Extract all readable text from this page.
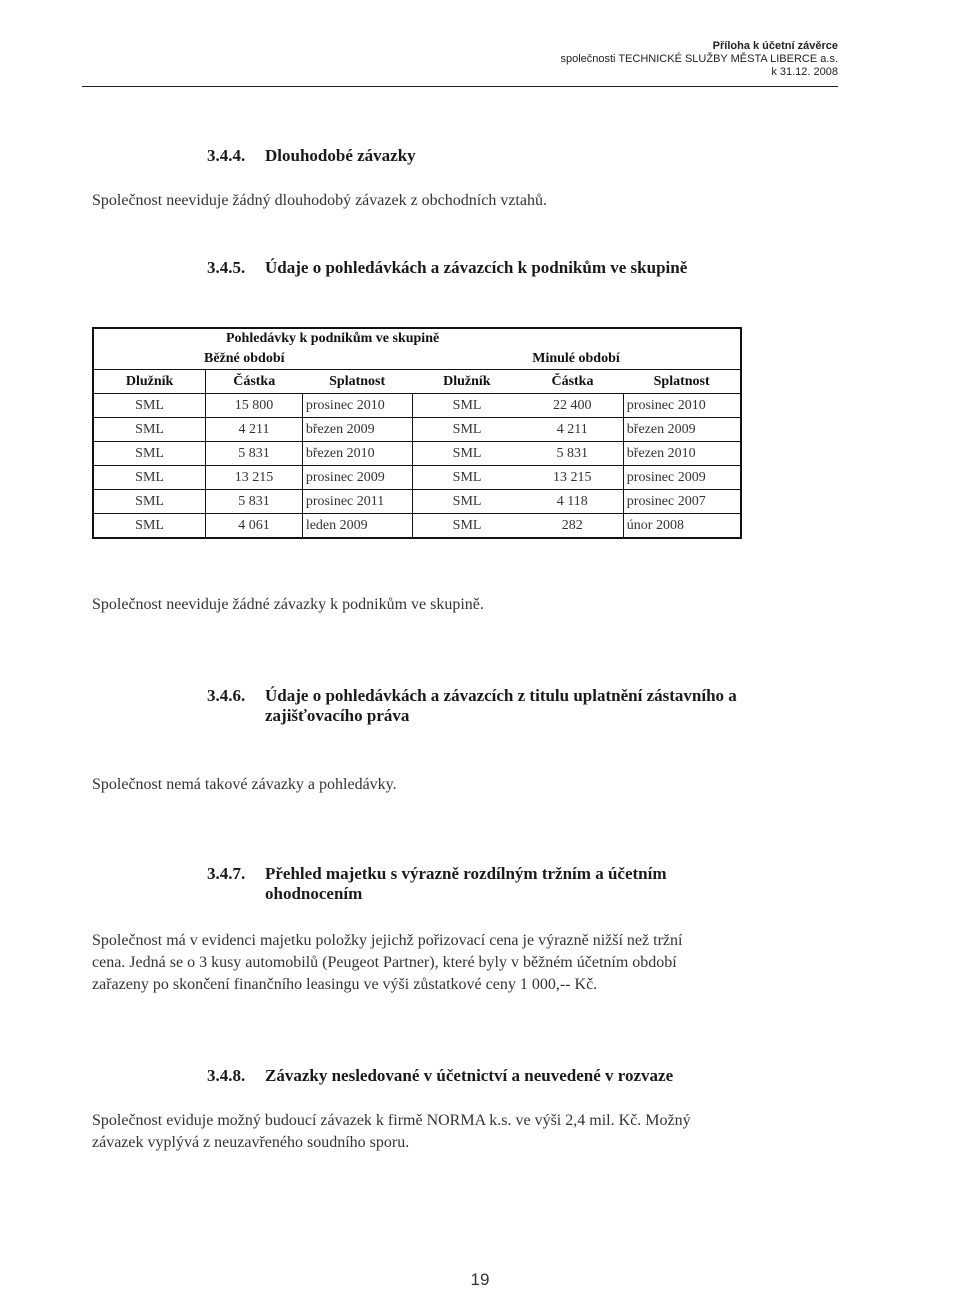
Příloha k účetní závěrce
společnosti TECHNICKÉ SLUŽBY MĚSTA LIBERCE a.s.
k 31.12. 2008
3.4.4. Dlouhodobé závazky
Společnost neeviduje žádný dlouhodobý závazek z obchodních vztahů.
3.4.5. Údaje o pohledávkách a závazcích k podnikům ve skupině
Pohledávky k podnikům ve skupině					
Běžné období			Minulé období		
Dlužník	Částka	Splatnost	Dlužník	Částka	Splatnost
SML	15 800	prosinec 2010	SML	22 400	prosinec 2010
SML	4 211	březen 2009	SML	4 211	březen 2009
SML	5 831	březen 2010	SML	5 831	březen 2010
SML	13 215	prosinec 2009	SML	13 215	prosinec 2009
SML	5 831	prosinec 2011	SML	4 118	prosinec 2007
SML	4 061	leden 2009	SML	282	únor 2008
Společnost neeviduje žádné závazky k podnikům ve skupině.
3.4.6. Údaje o pohledávkách a závazcích z titulu uplatnění zástavního a
zajišťovacího práva
Společnost nemá takové závazky a pohledávky.
3.4.7. Přehled majetku s výrazně rozdílným tržním a účetním
ohodnocením
Společnost má v evidenci majetku položky jejichž pořizovací cena je výrazně nižší než tržní
cena. Jedná se o 3 kusy automobilů (Peugeot Partner), které byly v běžném účetním období
zařazeny po skončení finančního leasingu ve výši zůstatkové ceny 1 000,-- Kč.
3.4.8. Závazky nesledované v účetnictví a neuvedené v rozvaze
Společnost eviduje možný budoucí závazek k firmě NORMA k.s. ve výši 2,4 mil. Kč. Možný
závazek vyplývá z neuzavřeného soudního sporu.
19
